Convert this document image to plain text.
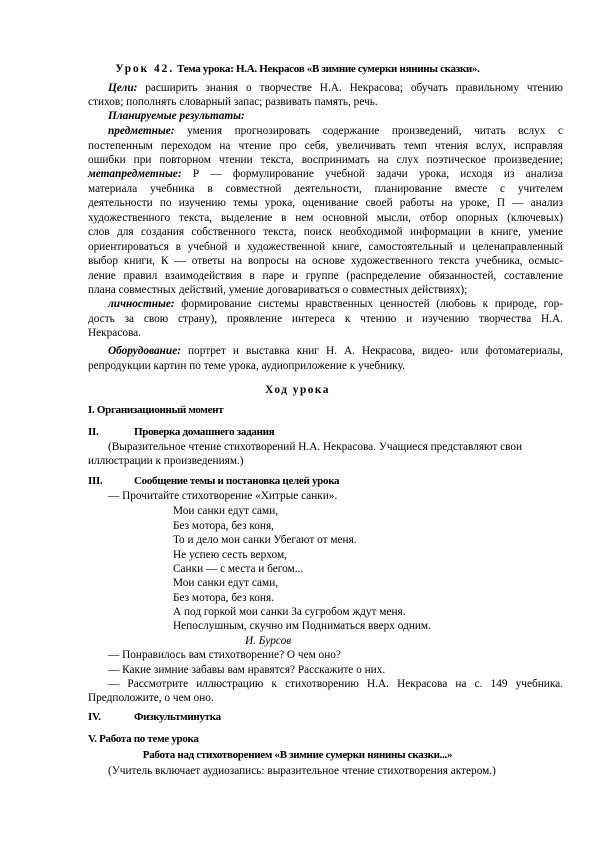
Урок 42. Тема урока: Н.А. Некрасов «В зимние сумерки нянины сказки».
Цели: расширить знания о творчестве Н.А. Некрасова; обучать правильному чтению
стихов; пополнять словарный запас; развивать память, речь.
Планируемые результаты:
предметные: умения прогнозировать содержание произведений, читать вслух с
постепенным переходом на чтение про себя, увеличивать темп чтения вслух, исправляя
ошибки при повторном чтении текста, воспринимать на слух поэтическое произведение;
метапредметные: Р — формулирование учебной задачи урока, исходя из анализа
материала учебника в совместной деятельности, планирование вместе с учителем
деятельности по изучению темы урока, оценивание своей работы на уроке, П — анализ
художественного текста, выделение в нем основной мысли, отбор опорных (ключевых)
слов для создания собственного текста, поиск необходимой информации в книге, умение
ориентироваться в учебной и художественной книге, самостоятельный и целенаправленный
выбор книги, К — ответы на вопросы на основе художественного текста учебника, осмыс-
ление правил взаимодействия в паре и группе (распределение обязанностей, составление
плана совместных действий, умение договариваться о совместных действиях);
личностные: формирование системы нравственных ценностей (любовь к природе, гор-
дость за свою страну), проявление интереса к чтению и изучению творчества Н.А.
Некрасова.
Оборудование: портрет и выставка книг Н. А. Некрасова, видео- или фотоматериалы,
репродукции картин по теме урока, аудиоприложение к учебнику.
Ход урока
I. Организационный момент
II.	Проверка домашнего задания
(Выразительное чтение стихотворений Н.А. Некрасова. Учащиеся представляют свои
иллюстрации к произведениям.)
III.	Сообщение темы и постановка целей урока
— Прочитайте стихотворение «Хитрые санки».
Мои санки едут сами,
Без мотора, без коня,
То и дело мои санки Убегают от меня.
Не успею сесть верхом,
Санки — с места и бегом...
Мои санки едут сами,
Без мотора, без коня.
А под горкой мои санки За сугробом ждут меня.
Непослушным, скучно им Подниматься вверх одним.
И. Бурсов
— Понравилось вам стихотворение? О чем оно?
— Какие зимние забавы вам нравятся? Расскажите о них.
— Рассмотрите иллюстрацию к стихотворению Н.А. Некрасова на с. 149 учебника.
Предположите, о чем оно.
IV.	Физкультминутка
V. Работа по теме урока
Работа над стихотворением «В зимние сумерки нянины сказки...»
(Учитель включает аудиозапись: выразительное чтение стихотворения актером.)
